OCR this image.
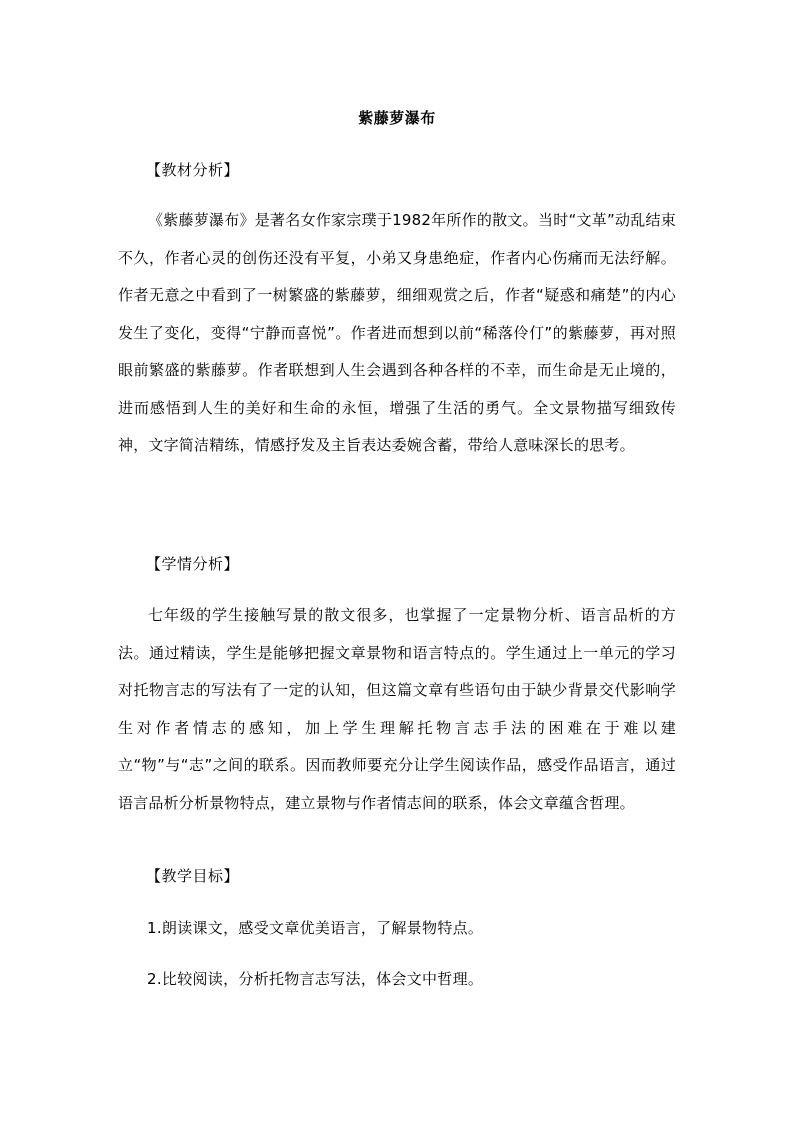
紫藤萝瀑布
【教材分析】
《紫藤萝瀑布》是著名女作家宗璞于1982年所作的散文。当时“文革”动乱结束不久，作者心灵的创伤还没有平复，小弟又身患绝症，作者内心伤痛而无法纾解。作者无意之中看到了一树繁盛的紫藤萝，细细观赏之后，作者“疑惑和痛楚”的内心发生了变化，变得“宁静而喜悦”。作者进而想到以前“稀落伶仃”的紫藤萝，再对照眼前繁盛的紫藤萝。作者联想到人生会遇到各种各样的不幸，而生命是无止境的，进而感悟到人生的美好和生命的永恒，增强了生活的勇气。全文景物描写细致传神，文字简洁精练，情感抒发及主旨表达委婉含蓄，带给人意味深长的思考。
【学情分析】
七年级的学生接触写景的散文很多，也掌握了一定景物分析、语言品析的方法。通过精读，学生是能够把握文章景物和语言特点的。学生通过上一单元的学习对托物言志的写法有了一定的认知，但这篇文章有些语句由于缺少背景交代影响学生对作者情志的感知，加上学生理解托物言志手法的困难在于难以建立“物”与“志”之间的联系。因而教师要充分让学生阅读作品，感受作品语言，通过语言品析分析景物特点，建立景物与作者情志间的联系，体会文章蕴含哲理。
【教学目标】
1.朗读课文，感受文章优美语言，了解景物特点。
2.比较阅读，分析托物言志写法，体会文中哲理。
